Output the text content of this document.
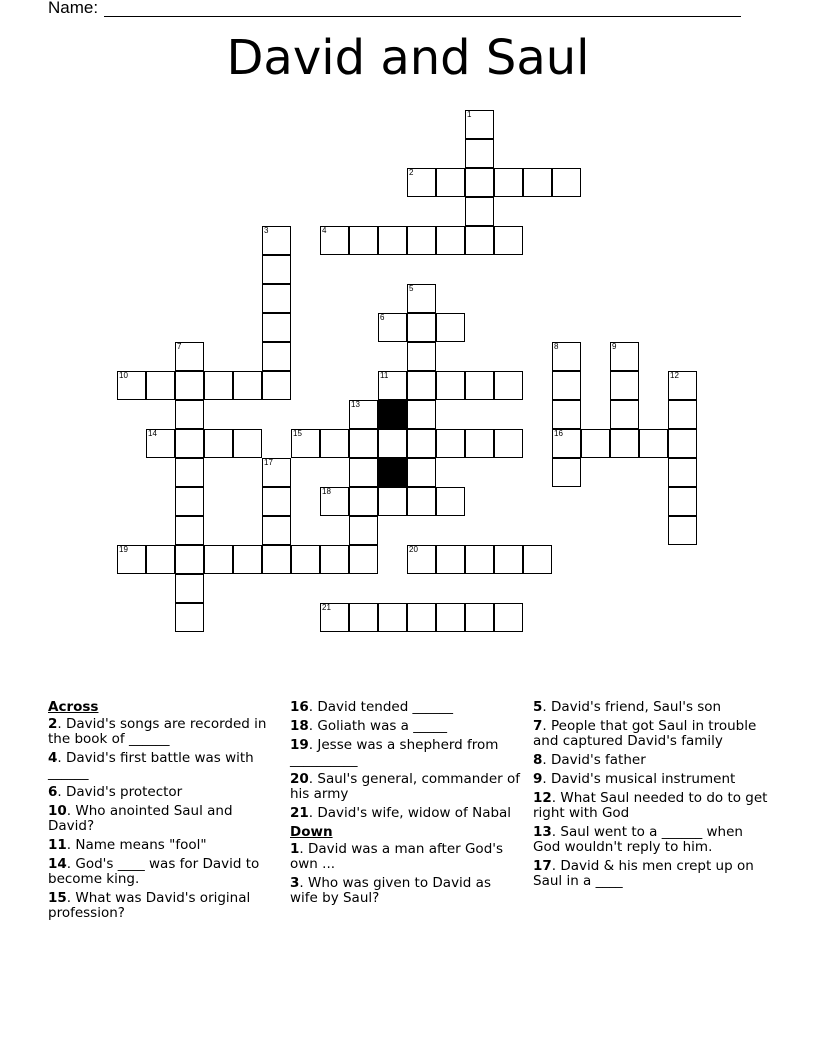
Name:
David and Saul
1
2
3	4
5
6
7	8
16
9
10	11	12
13
14	15
17
18
19	20
21
Across
2. David's songs are recorded in the book of ______
4. David's first battle was with ______
6. David's protector
10. Who anointed Saul and David?
11. Name means "fool"
14. God's ____ was for David to become king.
15. What was David's original profession?
16. David tended ______
18. Goliath was a _____
19. Jesse was a shepherd from __________
20. Saul's general, commander of his army
21. David's wife, widow of Nabal
Down
1. David was a man after God's own ...
3. Who was given to David as wife by Saul?
5. David's friend, Saul's son
7. People that got Saul in trouble and captured David's family
8. David's father
9. David's musical instrument
12. What Saul needed to do to get right with God
13. Saul went to a ______ when God wouldn't reply to him.
17. David & his men crept up on Saul in a ____
